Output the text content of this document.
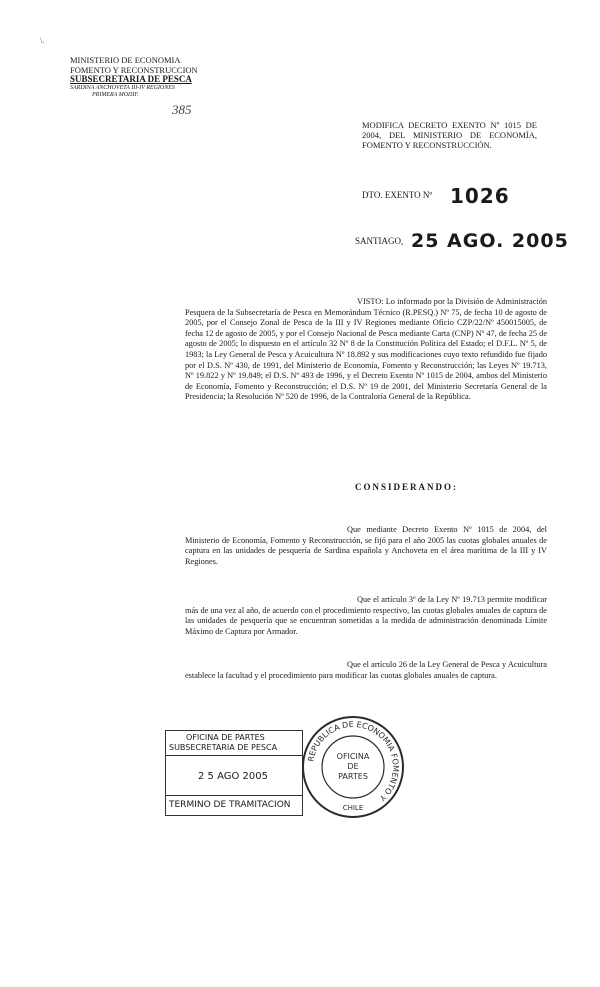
\.
MINISTERIO DE ECONOMIA
FOMENTO Y RECONSTRUCCION
SUBSECRETARIA DE PESCA
SARDINA ANCHOVETA III-IV REGIONES
PRIMERA MODIF.
385
MODIFICA DECRETO EXENTO Nº 1015 DE 2004, DEL MINISTERIO DE ECONOMÍA, FOMENTO Y RECONSTRUCCIÓN.
DTO. EXENTO Nº 1026
SANTIAGO, 25 AGO. 2005
VISTO: Lo informado por la División de Administración Pesquera de la Subsecretaría de Pesca en Memorándum Técnico (R.PESQ.) Nº 75, de fecha 10 de agosto de 2005, por el Consejo Zonal de Pesca de la III y IV Regiones mediante Oficio CZP/22/Nº 450015005, de fecha 12 de agosto de 2005, y por el Consejo Nacional de Pesca mediante Carta (CNP) Nº 47, de fecha 25 de agosto de 2005; lo dispuesto en el artículo 32 Nº 8 de la Constitución Política del Estado; el D.F.L. Nº 5, de 1983; la Ley General de Pesca y Acuicultura Nº 18.892 y sus modificaciones cuyo texto refundido fue fijado por el D.S. Nº 430, de 1991, del Ministerio de Economía, Fomento y Reconstrucción; las Leyes Nº 19.713, Nº 19.822 y Nº 19.849; el D.S. Nº 493 de 1996, y el Decreto Exento Nº 1015 de 2004, ambos del Ministerio de Economía, Fomento y Reconstrucción; el D.S. Nº 19 de 2001, del Ministerio Secretaría General de la Presidencia; la Resolución Nº 520 de 1996, de la Contraloría General de la República.
CONSIDERANDO:
Que mediante Decreto Exento Nº 1015 de 2004, del Ministerio de Economía, Fomento y Reconstrucción, se fijó para el año 2005 las cuotas globales anuales de captura en las unidades de pesquería de Sardina española y Anchoveta en el área marítima de la III y IV Regiones.
Que el artículo 3º de la Ley Nº 19.713 permite modificar más de una vez al año, de acuerdo con el procedimiento respectivo, las cuotas globales anuales de captura de las unidades de pesquería que se encuentran sometidas a la medida de administración denominada Límite Máximo de Captura por Armador.
Que el artículo 26 de la Ley General de Pesca y Acuicultura establece la facultad y el procedimiento para modificar las cuotas globales anuales de captura.
OFICINA DE PARTES
SUBSECRETARIA DE PESCA
2 5 AGO 2005
TERMINO DE TRAMITACION
REPUBLICA DE ECONOMIA FOMENTO Y
OFICINA
DE
PARTES
CHILE
